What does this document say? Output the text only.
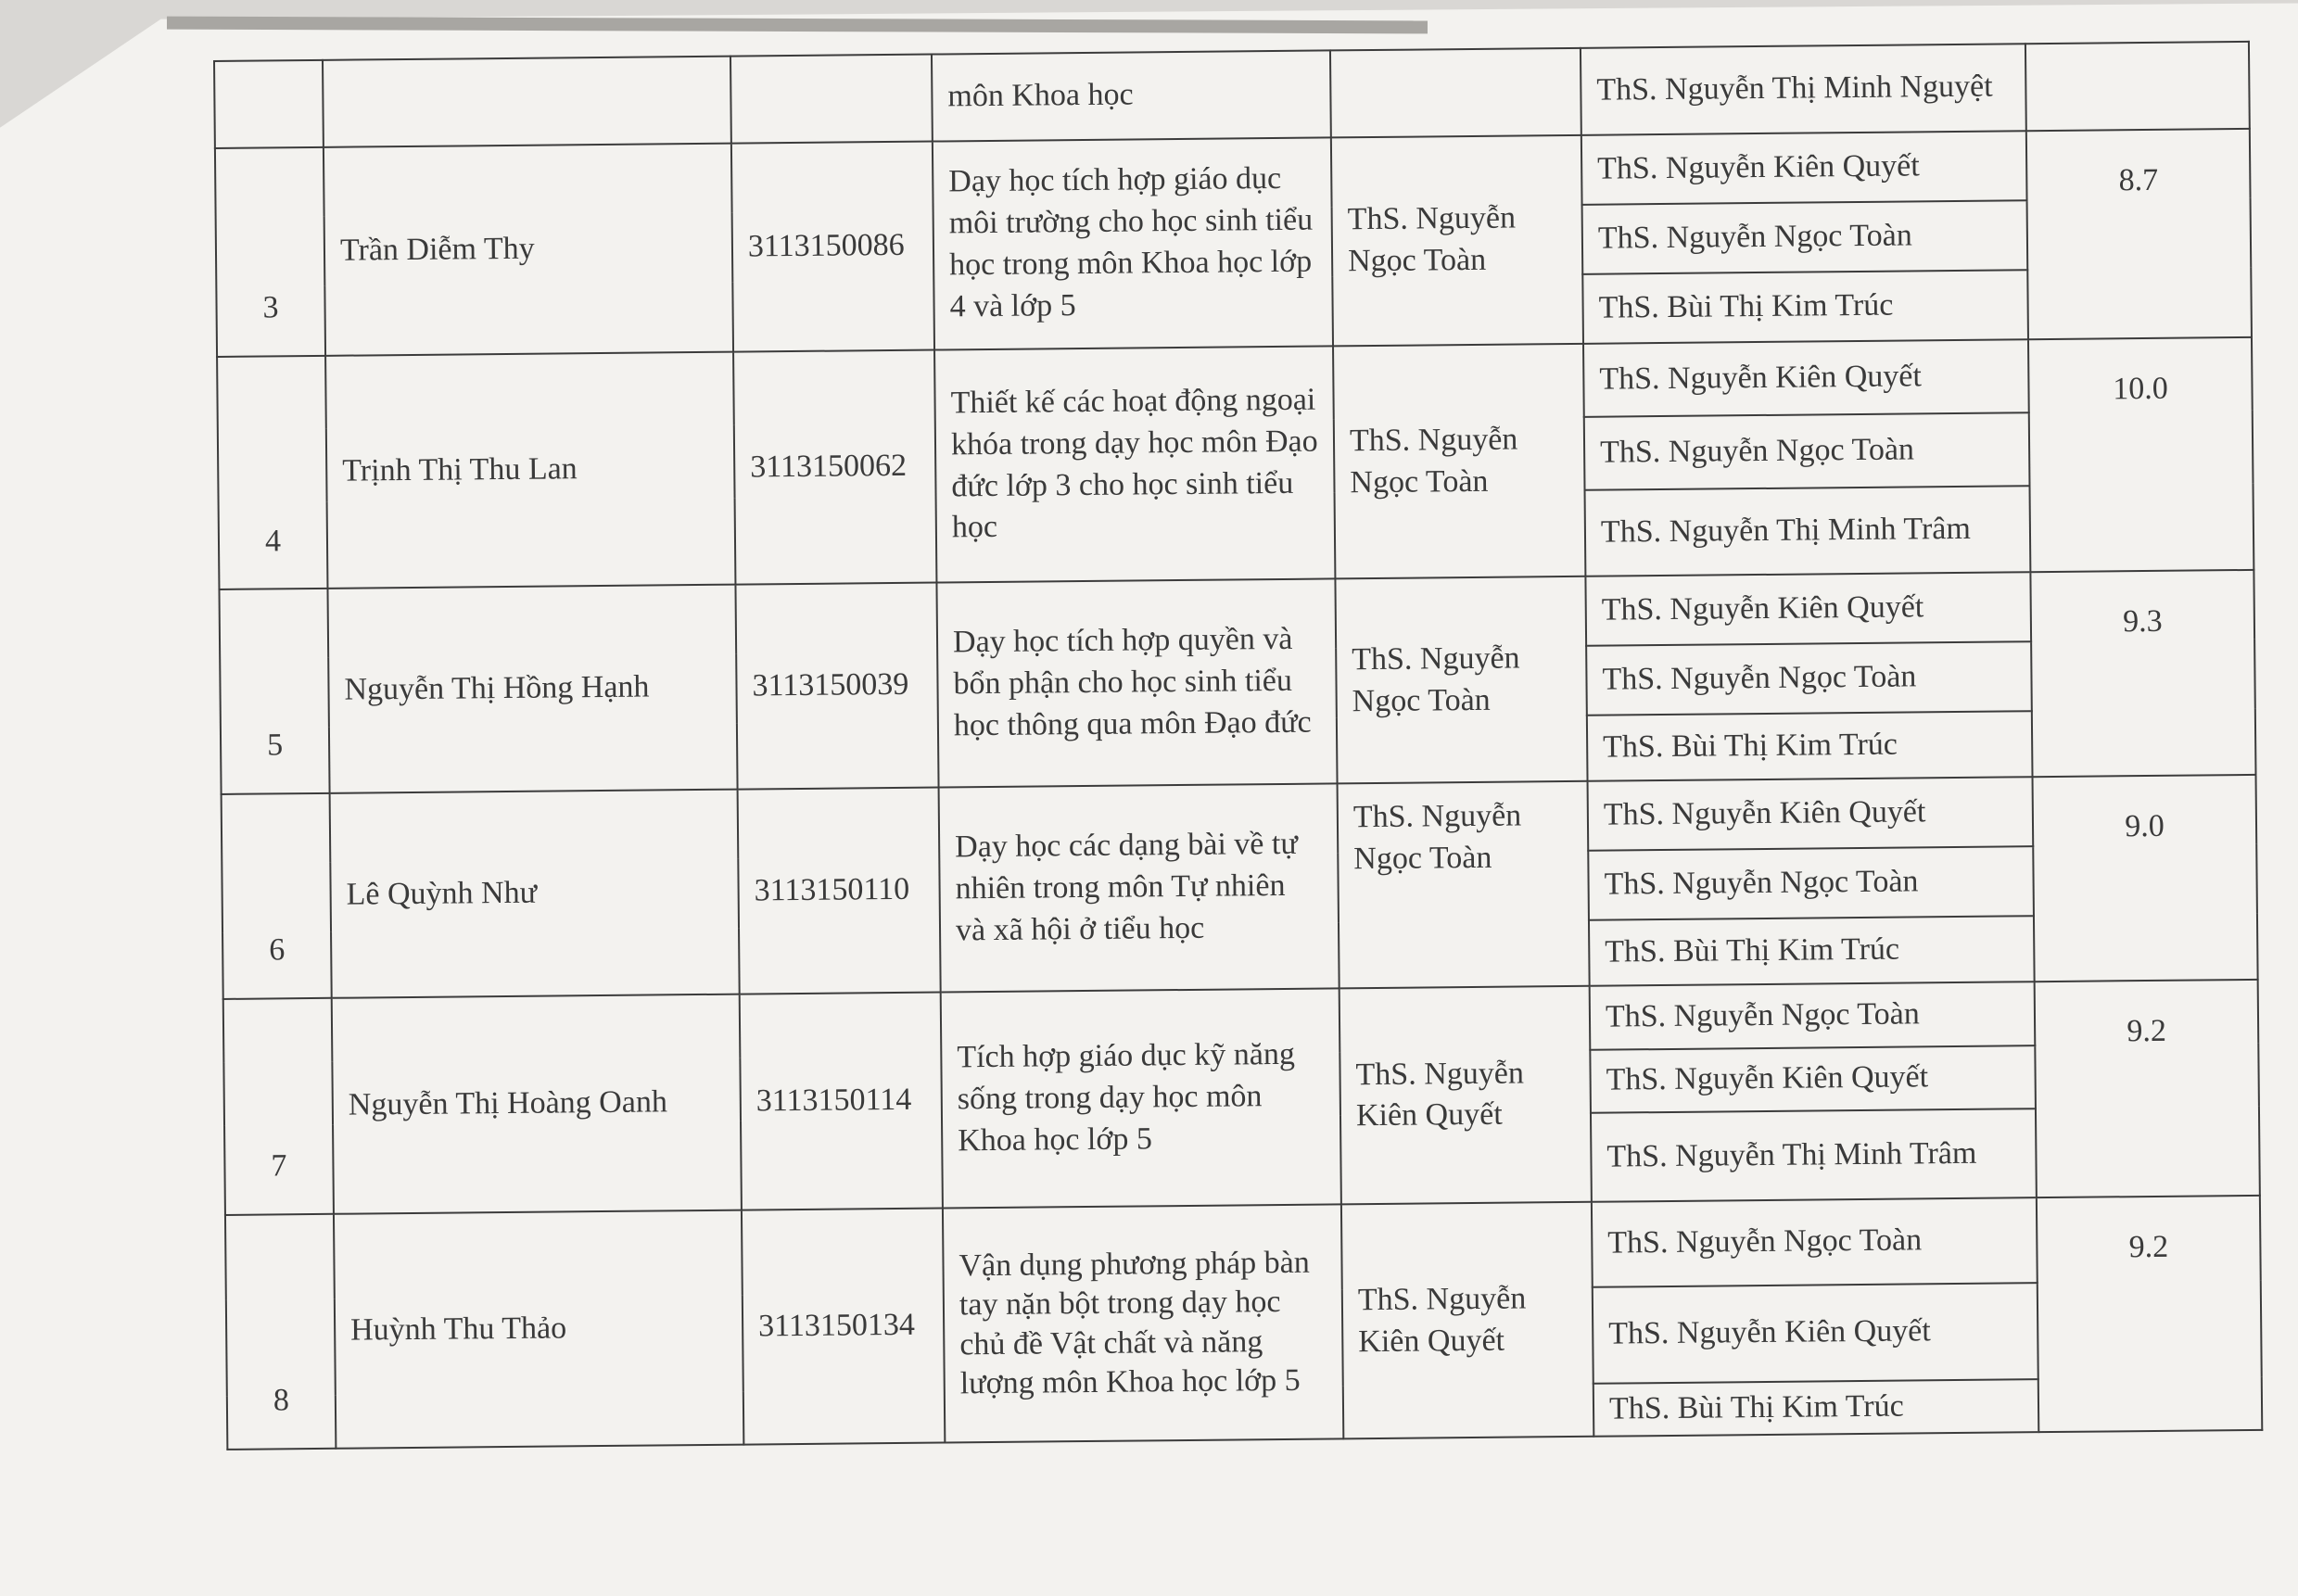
			môn Khoa học		ThS. Nguyễn Thị Minh Nguyệt	
3	Trần Diễm Thy	3113150086	Dạy học tích hợp giáo dục môi trường cho học sinh tiểu học trong môn Khoa học lớp 4 và lớp 5	ThS. Nguyễn Ngọc Toàn	ThS. Nguyễn Kiên Quyết	8.7
					ThS. Nguyễn Ngọc Toàn	
					ThS. Bùi Thị Kim Trúc	
4	Trịnh Thị Thu Lan	3113150062	Thiết kế các hoạt động ngoại khóa trong dạy học môn Đạo đức lớp 3 cho học sinh tiểu học	ThS. Nguyễn Ngọc Toàn	ThS. Nguyễn Kiên Quyết	10.0
					ThS. Nguyễn Ngọc Toàn	
					ThS. Nguyễn Thị Minh Trâm	
5	Nguyễn Thị Hồng Hạnh	3113150039	Dạy học tích hợp quyền và bổn phận cho học sinh tiểu học thông qua môn Đạo đức	ThS. Nguyễn Ngọc Toàn	ThS. Nguyễn Kiên Quyết	9.3
					ThS. Nguyễn Ngọc Toàn	
					ThS. Bùi Thị Kim Trúc	
6	Lê Quỳnh Như	3113150110	Dạy học các dạng bài về tự nhiên trong môn Tự nhiên và xã hội ở tiểu học	ThS. Nguyễn Ngọc Toàn	ThS. Nguyễn Kiên Quyết	9.0
					ThS. Nguyễn Ngọc Toàn	
					ThS. Bùi Thị Kim Trúc	
7	Nguyễn Thị Hoàng Oanh	3113150114	Tích hợp giáo dục kỹ năng sống trong dạy học môn Khoa học lớp 5	ThS. Nguyễn Kiên Quyết	ThS. Nguyễn Ngọc Toàn	9.2
					ThS. Nguyễn Kiên Quyết	
					ThS. Nguyễn Thị Minh Trâm	
8	Huỳnh Thu Thảo	3113150134	Vận dụng phương pháp bàn tay nặn bột trong dạy học chủ đề Vật chất và năng lượng môn Khoa học lớp 5	ThS. Nguyễn Kiên Quyết	ThS. Nguyễn Ngọc Toàn	9.2
					ThS. Nguyễn Kiên Quyết	
					ThS. Bùi Thị Kim Trúc	
